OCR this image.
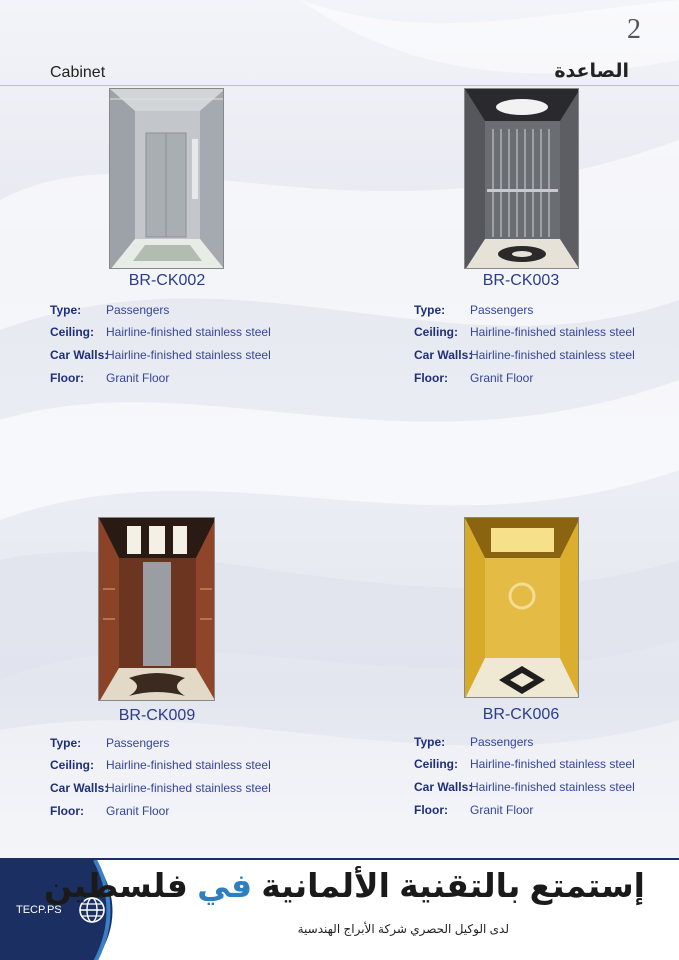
2
Cabinet	الصاعدة
BR-CK002
Type: Passengers
Ceiling: Hairline-finished stainless steel
Car Walls:
Hairline-finished stainless steel
Floor: Granit Floor
BR-CK003
Type: Passengers
Ceiling: Hairline-finished stainless steel
Car Walls:
Hairline-finished stainless steel
Floor: Granit Floor
BR-CK009
Type: Passengers
Ceiling: Hairline-finished stainless steel
Car Walls:
Hairline-finished stainless steel
Floor: Granit Floor
BR-CK006
Type: Passengers
Ceiling: Hairline-finished stainless steel
Car Walls:
Hairline-finished stainless steel
Floor: Granit Floor
TECP.PS
إستمتع بالتقنية الألمانية في فلسطين
لدى الوكيل الحصري شركة الأبراج الهندسية
